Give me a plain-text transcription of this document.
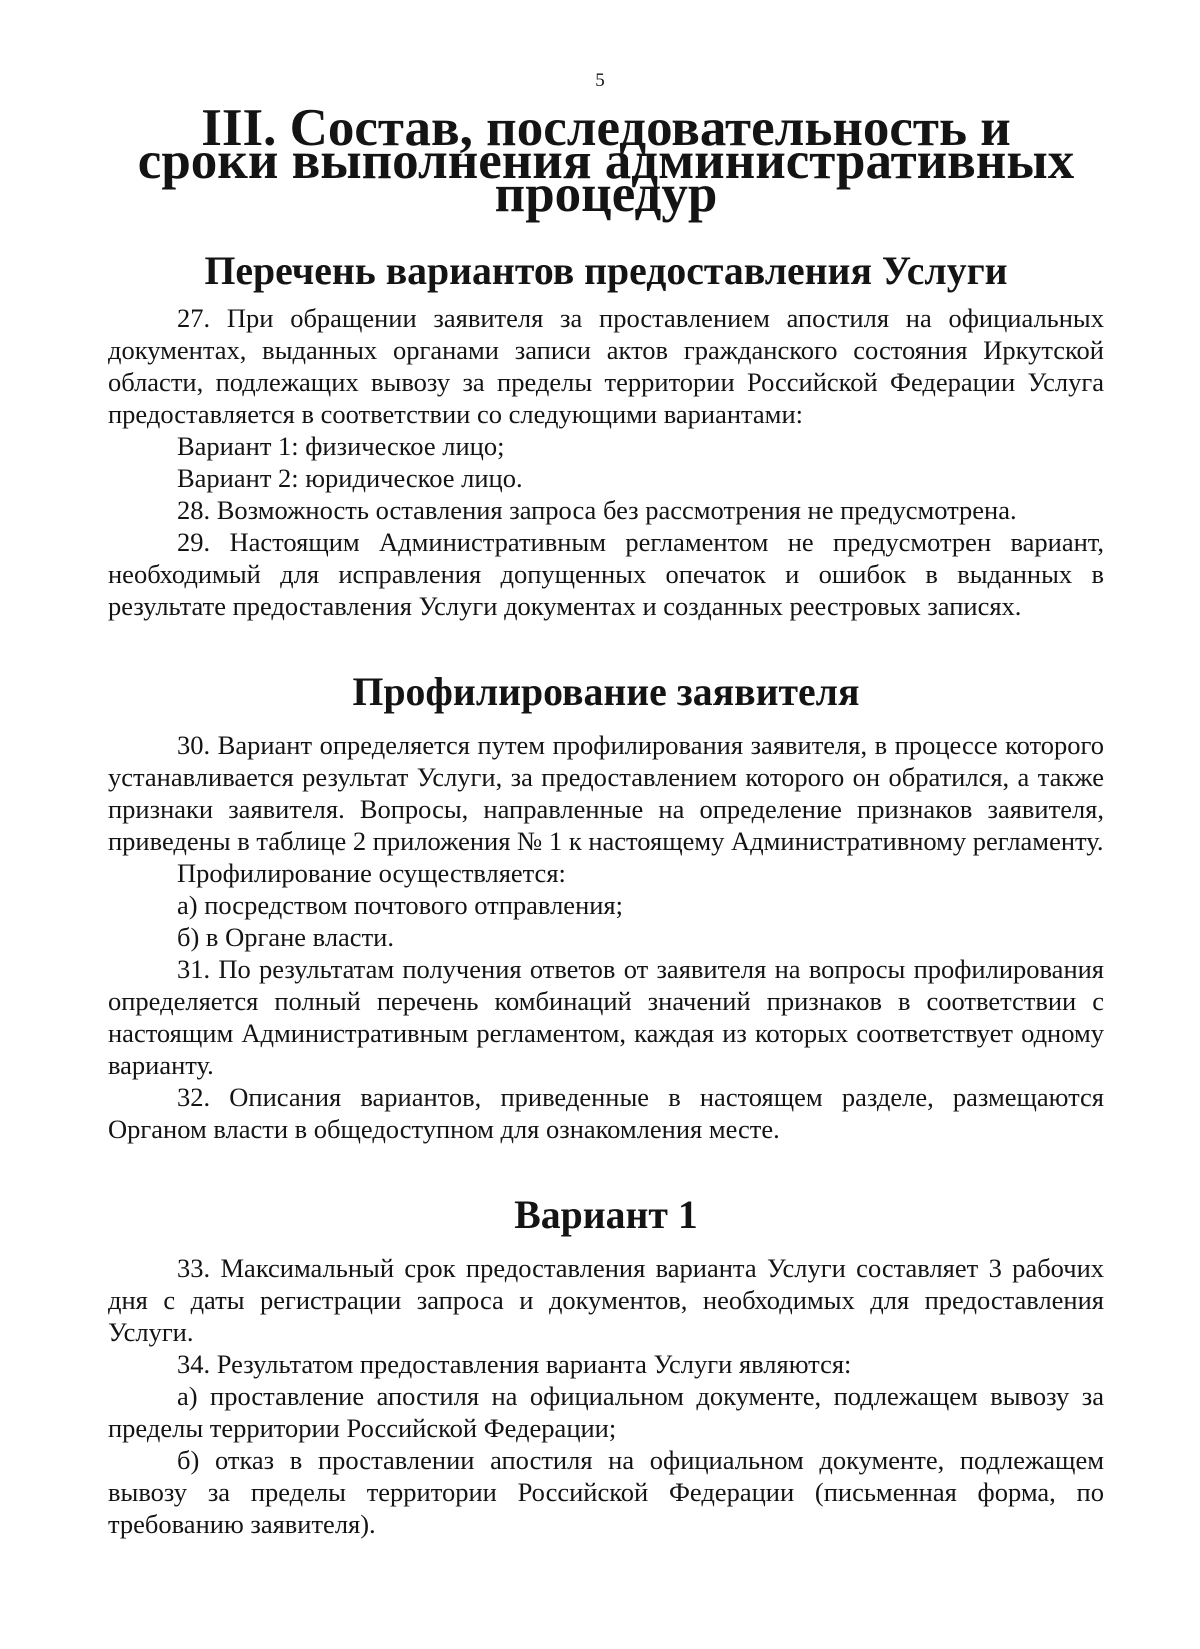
5
III. Состав, последовательность и сроки выполнения административных процедур
Перечень вариантов предоставления Услуги

27. При обращении заявителя за проставлением апостиля на официальных документах, выданных органами записи актов гражданского состояния Иркутской области, подлежащих вывозу за пределы территории Российской Федерации Услуга предоставляется в соответствии со следующими вариантами:

Вариант 1: физическое лицо;

Вариант 2: юридическое лицо.

28. Возможность оставления запроса без рассмотрения не предусмотрена.

29. Настоящим Административным регламентом не предусмотрен вариант, необходимый для исправления допущенных опечаток и ошибок в выданных в результате предоставления Услуги документах и созданных реестровых записях.

Профилирование заявителя

30. Вариант определяется путем профилирования заявителя, в процессе которого устанавливается результат Услуги, за предоставлением которого он обратился, а также признаки заявителя. Вопросы, направленные на определение признаков заявителя, приведены в таблице 2 приложения № 1 к настоящему Административному регламенту.

Профилирование осуществляется:

а) посредством почтового отправления;

б) в Органе власти.

31. По результатам получения ответов от заявителя на вопросы профилирования определяется полный перечень комбинаций значений признаков в соответствии с настоящим Административным регламентом, каждая из которых соответствует одному варианту.

32. Описания вариантов, приведенные в настоящем разделе, размещаются Органом власти в общедоступном для ознакомления месте.

Вариант 1

33. Максимальный срок предоставления варианта Услуги составляет 3 рабочих дня с даты регистрации запроса и документов, необходимых для предоставления Услуги.

34. Результатом предоставления варианта Услуги являются:

а) проставление апостиля на официальном документе, подлежащем вывозу за пределы территории Российской Федерации;

б) отказ в проставлении апостиля на официальном документе, подлежащем вывозу за пределы территории Российской Федерации (письменная форма, по требованию заявителя).
